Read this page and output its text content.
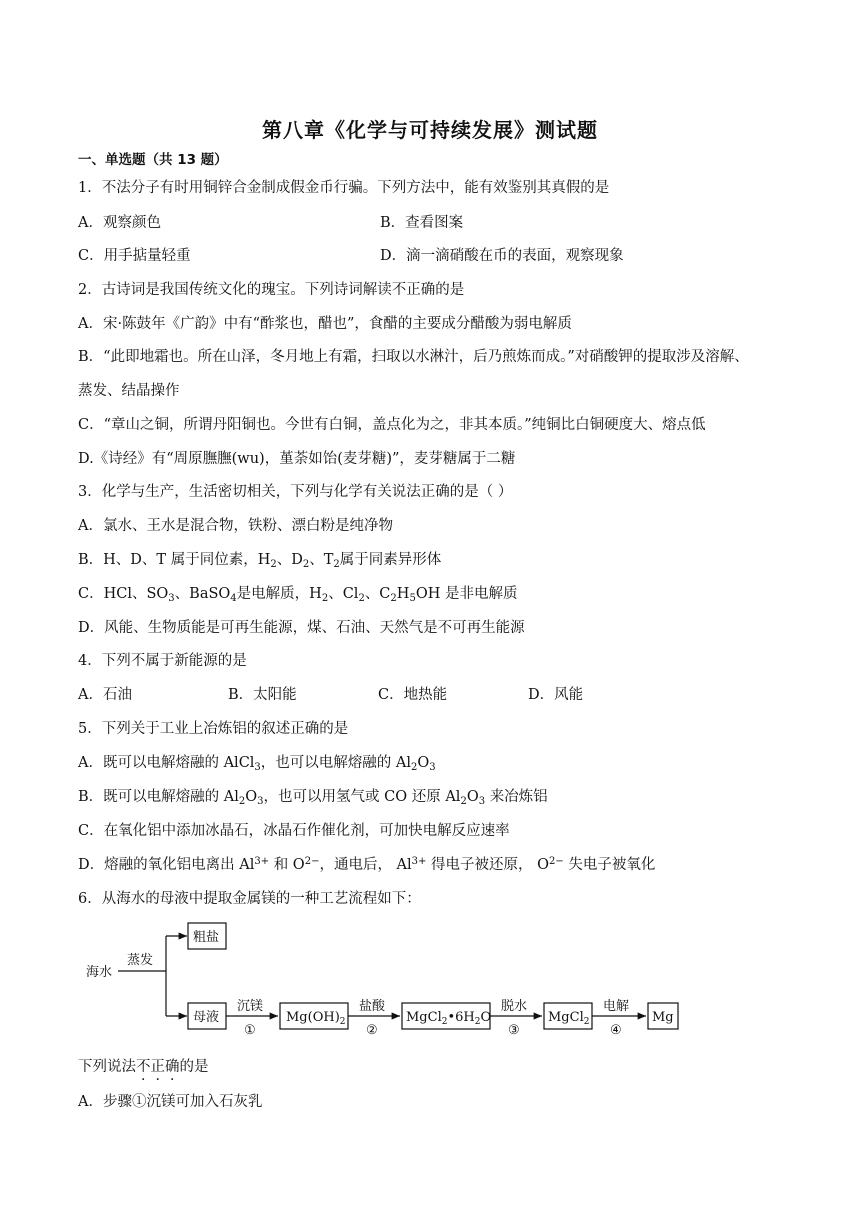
第八章《化学与可持续发展》测试题
一、单选题（共 13 题）
1．不法分子有时用铜锌合金制成假金币行骗。下列方法中，能有效鉴别其真假的是
A．观察颜色	B．查看图案
C．用手掂量轻重	D．滴一滴硝酸在币的表面，观察现象
2．古诗词是我国传统文化的瑰宝。下列诗词解读不正确的是
A．宋·陈鼓年《广韵》中有“酢浆也，醋也”，食醋的主要成分醋酸为弱电解质
B．“此即地霜也。所在山泽，冬月地上有霜，扫取以水淋汁，后乃煎炼而成。”对硝酸钾的提取涉及溶解、
蒸发、结晶操作
C．“章山之铜，所谓丹阳铜也。今世有白铜，盖点化为之，非其本质。”纯铜比白铜硬度大、熔点低
D.《诗经》有“周原膴膴(wu)，堇荼如饴(麦芽糖)”，麦芽糖属于二糖
3．化学与生产，生活密切相关，下列与化学有关说法正确的是（ ）
A．氯水、王水是混合物，铁粉、漂白粉是纯净物
B．H、D、T 属于同位素，$H_2$、$D_2$、$T_2$属于同素异形体
C．HCl、$SO_3$、BaSO$_4$是电解质，$H_2$、$Cl_2$、$C_2H_5OH$ 是非电解质
D．风能、生物质能是可再生能源，煤、石油、天然气是不可再生能源
4．下列不属于新能源的是
A．石油	B．太阳能	C．地热能	D．风能
5．下列关于工业上冶炼铝的叙述正确的是
A．既可以电解熔融的 AlCl$_3$，也可以电解熔融的 $Al_2O_3$
B．既可以电解熔融的 $Al_2O_3$，也可以用氢气或 CO 还原 $Al_2O_3$ 来冶炼铝
C．在氧化铝中添加冰晶石，冰晶石作催化剂，可加快电解反应速率
D．熔融的氧化铝电离出 $Al^{3+}$ 和 $O^{2-}$，通电后， $Al^{3+}$ 得电子被还原， $O^{2-}$ 失电子被氧化
6．从海水的母液中提取金属镁的一种工艺流程如下：
海水
蒸发
粗盐
母液
沉镁
①
$Mg(OH)_2$
盐酸
②
$MgCl_2•6H_2O$
脱水
③
MgCl$_2$
电解
④
Mg
下列说法不正确的是
A．步骤①沉镁可加入石灰乳
